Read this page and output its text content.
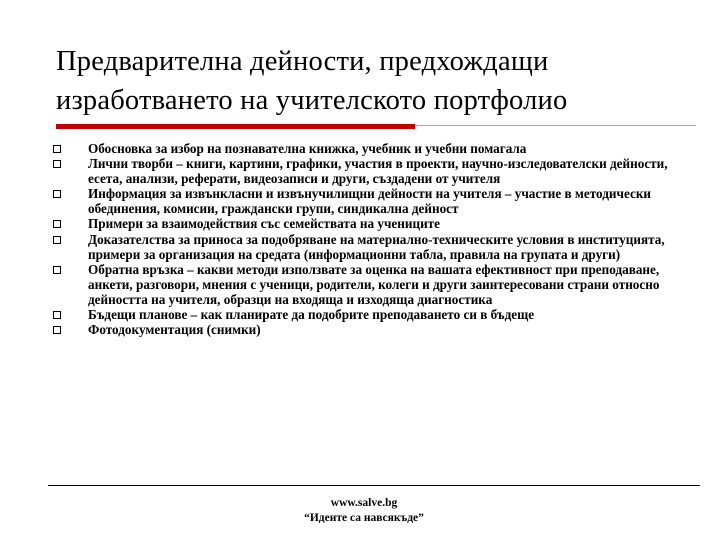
Предварителна дейности, предхождащи
изработването на учителското портфолио
Обосновка за избор на познавателна книжка, учебник и учебни помагала
Лични творби – книги, картини, графики, участия в проекти, научно-изследователски дейности, есета, анализи, реферати, видеозаписи и други, създадени от учителя
Информация за извънкласни и извънучилищни дейности на учителя – участие в методически обединения, комисии, граждански групи, синдикална дейност
Примери за взаимодействия със семействата на учениците
Доказателства за приноса за подобряване на материално-техническите условия в институцията, примери за организация на средата (информационни табла, правила на групата и други)
Обратна връзка – какви методи използвате за оценка на вашата ефективност при преподаване, анкети, разговори, мнения с ученици, родители, колеги и други заинтересовани страни относно дейността на учителя, образци на входяща и изходяща диагностика
Бъдещи планове – как планирате да подобрите преподаването си в бъдеще
Фотодокументация (снимки)
www.salve.bg
“Идеите са навсякъде”
